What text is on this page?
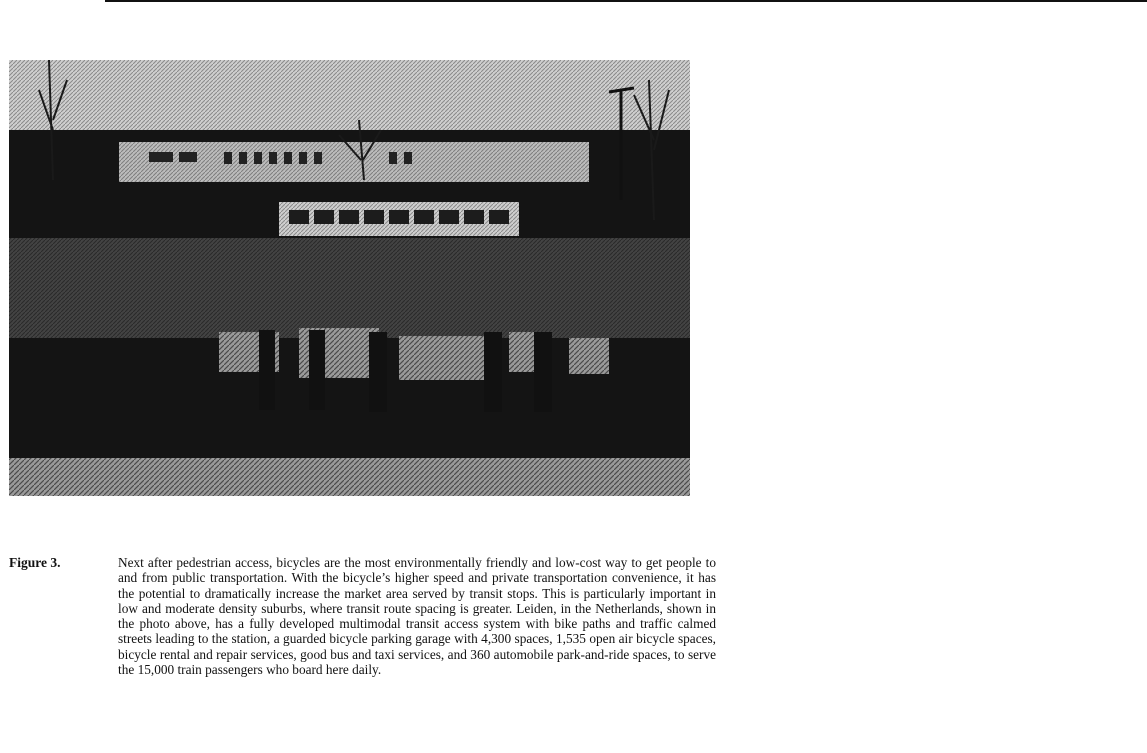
Figure 3.	Next after pedestrian access, bicycles are the most environmentally friendly and low-cost way to get people to and from public transportation. With the bicycle’s higher speed and private transportation convenience, it has the potential to dramatically increase the market area served by transit stops. This is particularly important in low and moderate density suburbs, where transit route spacing is greater. Leiden, in the Netherlands, shown in the photo above, has a fully developed multimodal transit access system with bike paths and traffic calmed streets leading to the station, a guarded bicycle parking garage with 4,300 spaces, 1,535 open air bicycle spaces, bicycle rental and repair services, good bus and taxi services, and 360 automobile park-and-ride spaces, to serve the 15,000 train passengers who board here daily.
